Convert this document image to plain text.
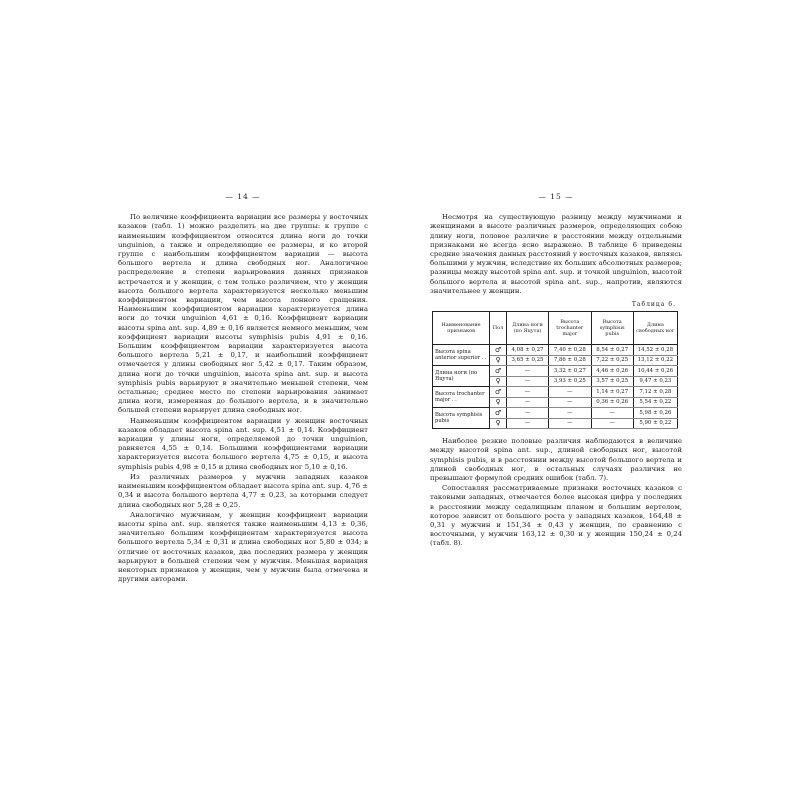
— 14 —

По величине коэффициента вариации все размеры у восточных казаков (табл. 1) можно разделить на две группы: к группе с наименьшим коэффициентом относится длина ноги до точки unguinion, а также и определяющие ее размеры, и ко второй группе с наибольшим коэффициентом вариации — высота большого вертела и длина свободных ног. Аналогичное распределение в степени варьирования данных признаков встречается и у женщин, с тем только различием, что у женщин высота большого вертела характеризуется несколько меньшим коэффициентом вариации, чем высота лонного сращения. Наименьшим коэффициентом вариации характеризуется длина ноги до точки unguinion 4,61 ± 0,16. Коэффициент вариации высоты spina ant. sup. 4,89 ± 0,16 является немного меньшим, чем коэффициент вариации высоты symphisis pubis 4,91 ± 0,16. Большим коэффициентом вариации характеризуется высота большого вертела 5,21 ± 0,17, и наибольший коэффициент отмечается у длины свободных ног 5,42 ± 0,17. Таким образом, длина ноги до точки unguinion, высота spina ant. sup. и высота symphisis pubis варьируют в значительно меньшей степени, чем остальные; среднее место по степени варьирования занимает длина ноги, измеренная до большого вертела, и в значительно большей степени варьирует длина свободных ног.

Наименьшим коэффициентом вариации у женщин восточных казаков обладает высота spina ant. sup. 4,51 ± 0,14. Коэффициент вариации у длины ноги, определяемой до точки unguinion, равняется 4,55 ± 0,14. Большими коэффициентами вариации характеризуется высота большого вертела 4,75 ± 0,15, и высота symphisis pubis 4,98 ± 0,15 и длина свободных ног 5,10 ± 0,16.

Из различных размеров у мужчин западных казаков наименьшим коэффициентом обладает высота spina ant. sup. 4,76 ± 0,34 и высота большого вертела 4,77 ± 0,23, за которыми следует длина свободных ног 5,28 ± 0,25.

Аналогично мужчинам, у женщин коэффициент вариации высоты spina ant. sup. является также наименьшим 4,13 ± 0,36, значительно большим коэффициентам характеризуется высота большого вертела 5,34 ± 0,31 и длина свободных ног 5,80 ± 034; в отличие от восточных казаков, два последних размера у женщин варьируют в большей степени чем у мужчин. Меньшая вариация некоторых признаков у женщин, чем у мужчин была отмечена и другими авторами.

— 15 —

Несмотря на существующую разницу между мужчинами и женщинами в высоте различных размеров, определяющих собою длину ноги, половое различие в расстоянии между отдельными признаками не всегда ясно выражено. В таблице 6 приведены средние значения данных расстояний у восточных казаков, являясь большими у мужчин, вследствие их больших абсолютных размеров; разницы между высотой spina ant. sup. и точкой unguinion, высотой большого вертела и высотой spina ant. sup., напротив, являются значительнее у женщин.

Таблица 6.
Наименование признаков	Пол	Длина ноги (по Яцута)	Высота trochanter major	Высота symphisis pubis	Длина свободных ног
Высота spina anterior superior . .	♂	4,08 ± 0,27	7,40 ± 0,28	8,54 ± 0,27	14,52 ± 0,28
	♀	3,65 ± 0,25	7,86 ± 0,28	7,22 ± 0,25	13,12 ± 0,22
Длина ноги (по Яцута)	♂	—	3,32 ± 0,27	4,46 ± 0,26	10,44 ± 0,26
	♀	—	3,93 ± 0,25	3,57 ± 0,25	9,47 ± 0,23
Высота trochanter major . .	♂	—	—	1,14 ± 0,27	7,12 ± 0,28
	♀	—	—	0,36 ± 0,26	5,54 ± 0,22
Высота symphisis pubis	♂	—	—	—	5,98 ± 0,26
	♀	—	—	—	5,90 ± 0,22

Наиболее резкие половые различия наблюдаются в величине между высотой spina ant. sup., длиной свободных ног, высотой symphisis pubis, и в расстоянии между высотой большого вертела и длиной свободных ног, в остальных случаях различия не превышают формулой средних ошибок (табл. 7).

Сопоставляя рассматриваемые признаки восточных казаков с таковыми западных, отмечается более высокая цифра у последних в расстоянии между седалищным планом и большим вертелом, которое зависит от большого роста у западных казаков, 164,48 ± 0,31 у мужчин и 151,34 ± 0,43 у женщин, по сравнению с восточными, у мужчин 163,12 ± 0,30 и у женщин 150,24 ± 0,24 (табл. 8).
